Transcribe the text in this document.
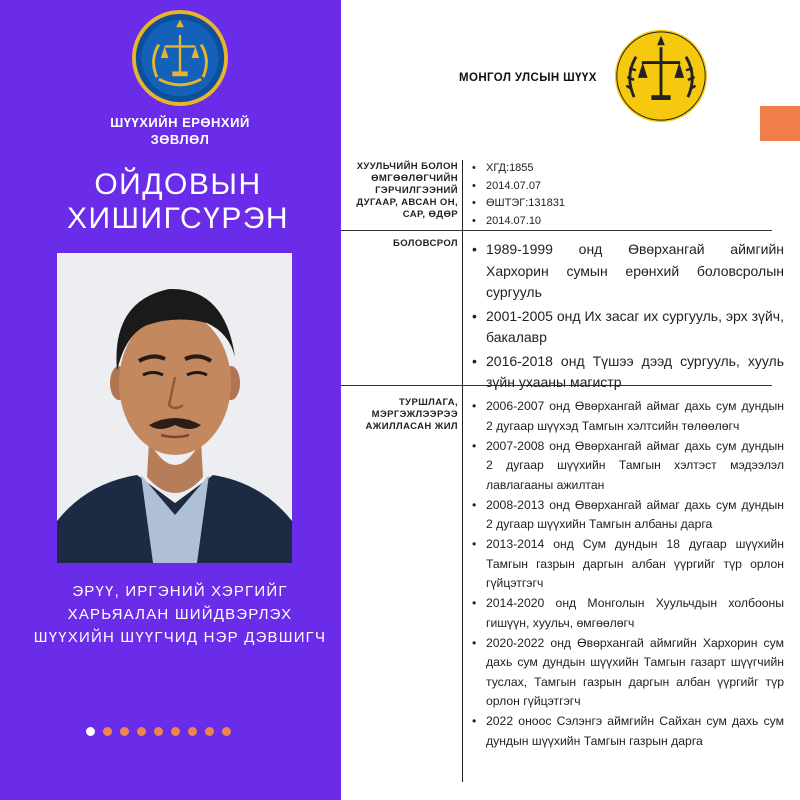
ШҮҮХИЙН ЕРӨНХИЙ
ЗӨВЛӨЛ
ОЙДОВЫН
ХИШИГСҮРЭН
ЭРҮҮ, ИРГЭНИЙ ХЭРГИЙГ
ХАРЬЯАЛАН ШИЙДВЭРЛЭХ
ШҮҮХИЙН ШҮҮГЧИД НЭР ДЭВШИГЧ
МОНГОЛ УЛСЫН ШҮҮХ
ХУУЛЬЧИЙН БОЛОН
ӨМГӨӨЛӨГЧИЙН
ГЭРЧИЛГЭЭНИЙ
ДУГААР, АВСАН ОН,
САР, ӨДӨР
• ХГД:1855
• 2014.07.07
• ӨШТЭГ:131831
• 2014.07.10
БОЛОВСРОЛ
•	1989-1999 онд Өвөрхангай аймгийн Хархорин сумын ерөнхий боловсролын сургууль
• 2001-2005 онд Их засаг их сургууль, эрх зүйч, бакалавр
• 2016-2018 онд Түшээ дээд сургууль, хууль зүйн ухааны магистр
ТУРШЛАГА,
МЭРГЭЖЛЭЭРЭЭ
АЖИЛЛАСАН ЖИЛ
• 2006-2007 онд Өвөрхангай аймаг дахь сум дундын 2 дугаар шүүхэд Тамгын хэлтсийн төлөөлөгч
• 2007-2008 онд Өвөрхангай аймаг дахь сум дундын 2 дугаар шүүхийн Тамгын хэлтэст мэдээлэл лавлагааны ажилтан
• 2008-2013 онд Өвөрхангай аймаг дахь сум дундын 2 дугаар шүүхийн Тамгын албаны дарга
• 2013-2014 онд Сум дундын 18 дугаар шүүхийн Тамгын газрын даргын албан үүргийг түр орлон гүйцэтгэгч
• 2014-2020 онд Монголын Хуульчдын холбооны гишүүн, хуульч, өмгөөлөгч
• 2020-2022 онд Өвөрхангай аймгийн Хархорин сум дахь сум дундын шүүхийн Тамгын газарт шүүгчийн туслах, Тамгын газрын даргын албан үүргийг түр орлон гүйцэтгэгч
• 2022 оноос Сэлэнгэ аймгийн Сайхан сум дахь сум дундын шүүхийн Тамгын газрын дарга
